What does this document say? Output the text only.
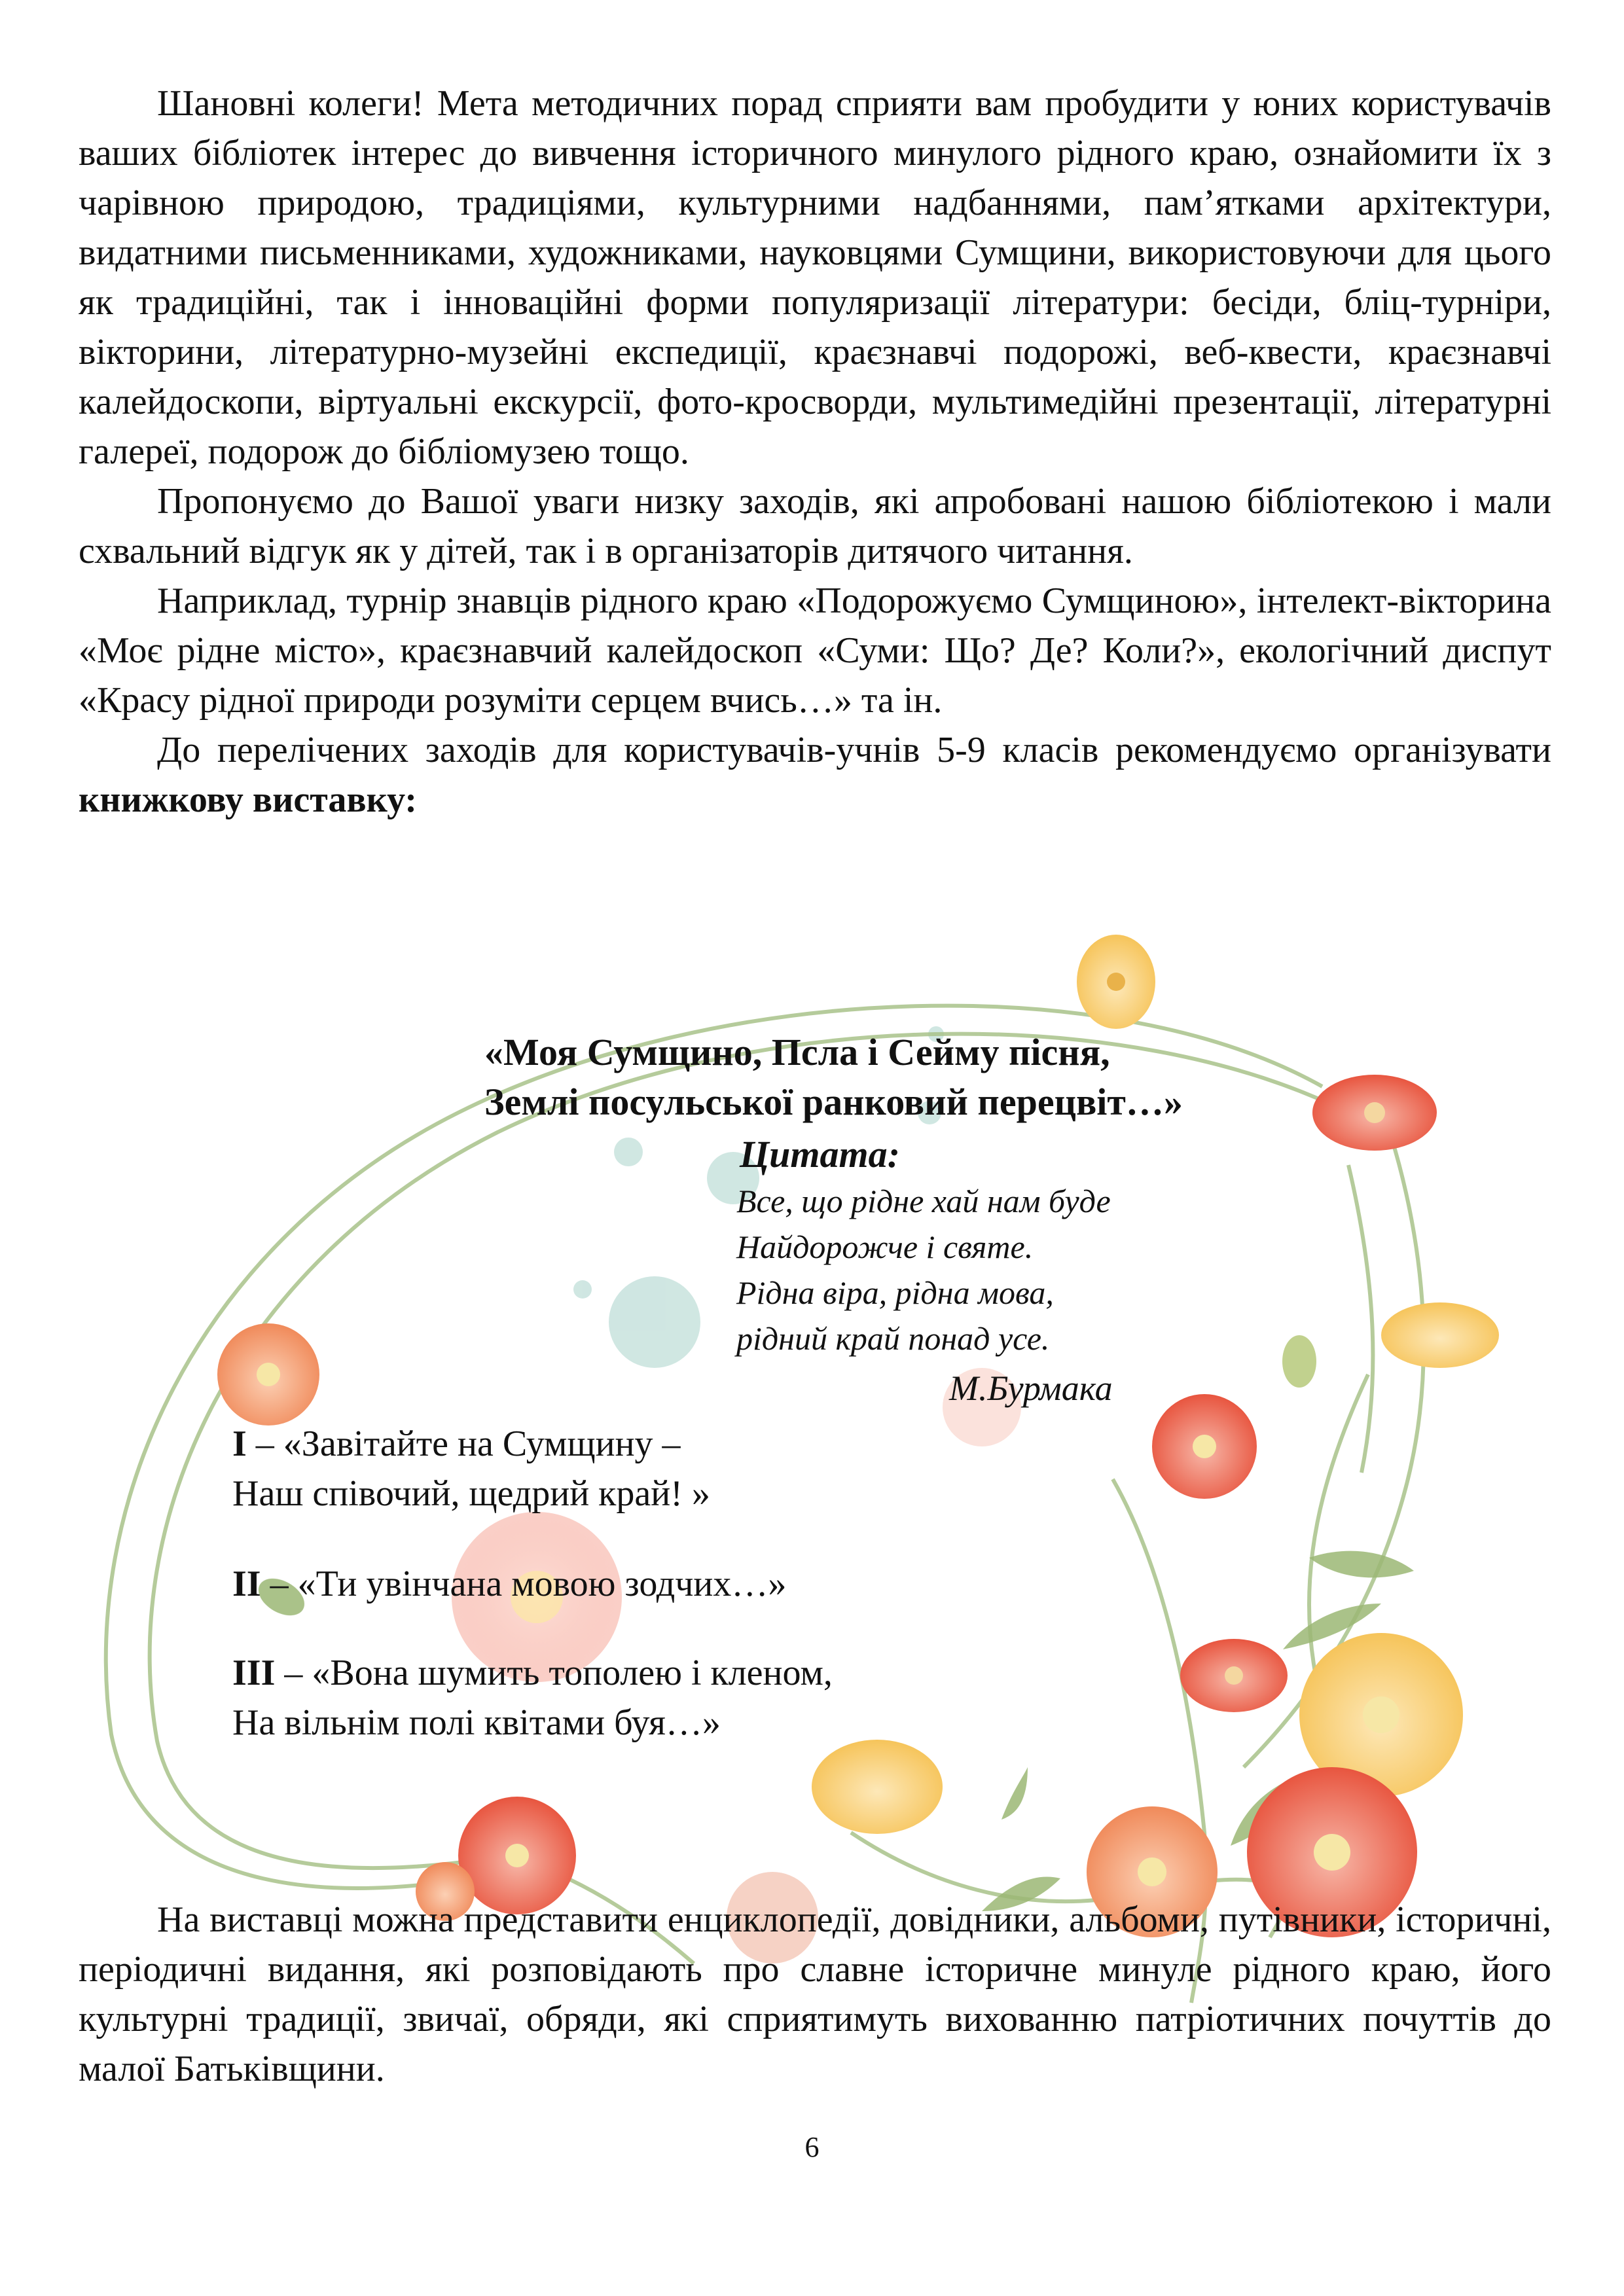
Шановні колеги! Мета методичних порад сприяти вам пробудити у юних користувачів ваших бібліотек інтерес до вивчення історичного минулого рідного краю, ознайомити їх з чарівною природою, традиціями, культурними надбаннями, пам’ятками архітектури, видатними письменниками, художниками, науковцями Сумщини, використовуючи для цього як традиційні, так і інноваційні форми популяризації літератури: бесіди, бліц-турніри, вікторини, літературно-музейні експедиції, краєзнавчі подорожі, веб-квести, краєзнавчі калейдоскопи, віртуальні екскурсії, фото-кросворди, мультимедійні презентації, літературні галереї, подорож до бібліомузею тощо.

Пропонуємо до Вашої уваги низку заходів, які апробовані нашою бібліотекою і мали схвальний відгук як у дітей, так і в організаторів дитячого читання.

Наприклад, турнір знавців рідного краю «Подорожуємо Сумщиною», інтелект-вікторина «Моє рідне місто», краєзнавчий калейдоскоп «Суми: Що? Де? Коли?», екологічний диспут «Красу рідної природи розуміти серцем вчись…» та ін.

До перелічених заходів для користувачів-учнів 5-9 класів рекомендуємо організувати книжкову виставку:

«Моя Сумщино, Псла і Сейму пісня,
Землі посульської ранковий перецвіт…»
Цитата:
Все, що рідне хай нам буде
Найдорожче і святе.
Рідна віра, рідна мова,
рідний край понад усе.
М.Бурмака
І – «Завітайте на Сумщину –
Наш співочий, щедрий край! »
ІІ – «Ти увінчана мовою зодчих…»
ІІІ – «Вона шумить тополею і кленом,
На вільнім полі квітами буя…»

На виставці можна представити енциклопедії, довідники, альбоми, путівники, історичні, періодичні видання, які розповідають про славне історичне минуле рідного краю, його культурні традиції, звичаї, обряди, які сприятимуть вихованню патріотичних почуттів до малої Батьківщини.

6
